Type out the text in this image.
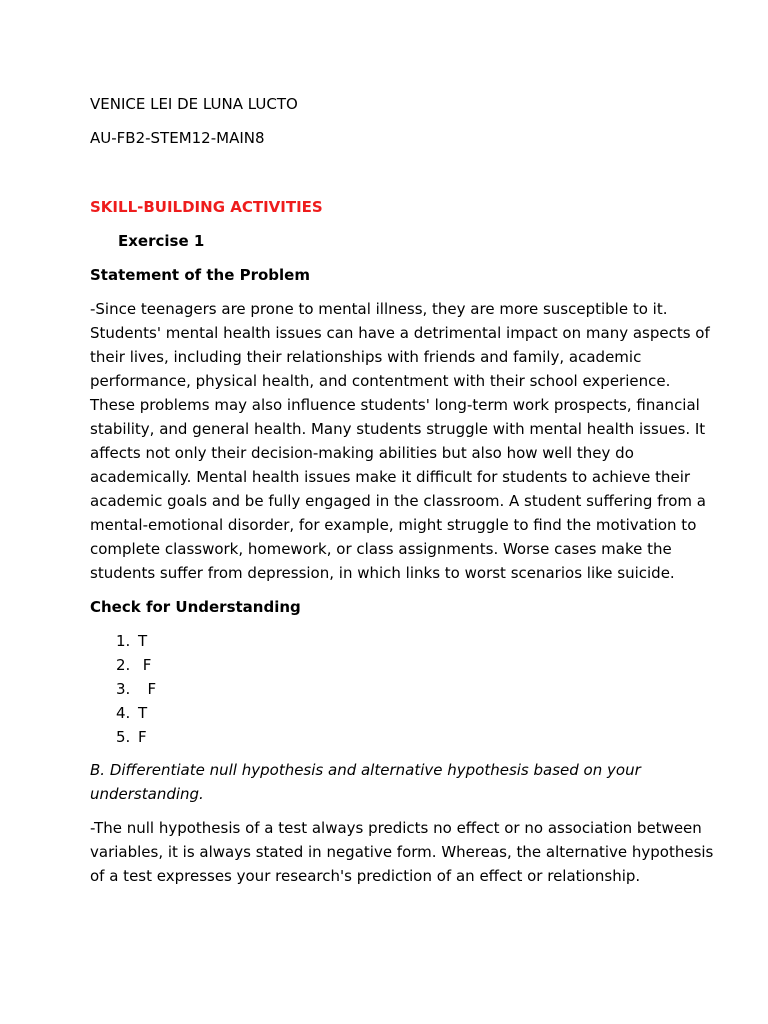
VENICE LEI DE LUNA LUCTO
AU-FB2-STEM12-MAIN8
SKILL-BUILDING ACTIVITIES
Exercise 1
Statement of the Problem
-Since teenagers are prone to mental illness, they are more susceptible to it.
Students' mental health issues can have a detrimental impact on many aspects of
their lives, including their relationships with friends and family, academic
performance, physical health, and contentment with their school experience.
These problems may also influence students' long-term work prospects, financial
stability, and general health. Many students struggle with mental health issues. It
affects not only their decision-making abilities but also how well they do
academically. Mental health issues make it difficult for students to achieve their
academic goals and be fully engaged in the classroom. A student suffering from a
mental-emotional disorder, for example, might struggle to find the motivation to
complete classwork, homework, or class assignments. Worse cases make the
students suffer from depression, in which links to worst scenarios like suicide.
Check for Understanding
1. T
2. F
3.  F
4. T
5. F
B. Differentiate null hypothesis and alternative hypothesis based on your
understanding.
-The null hypothesis of a test always predicts no effect or no association between
variables, it is always stated in negative form. Whereas, the alternative hypothesis
of a test expresses your research's prediction of an effect or relationship.
